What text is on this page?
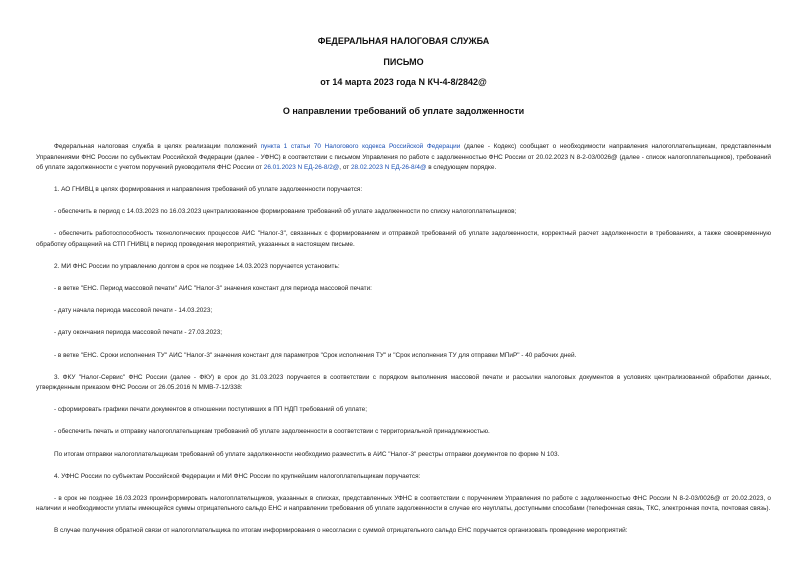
ФЕДЕРАЛЬНАЯ НАЛОГОВАЯ СЛУЖБА
ПИСЬМО
от 14 марта 2023 года N КЧ-4-8/2842@
О направлении требований об уплате задолженности

Федеральная налоговая служба в целях реализации положений пункта 1 статьи 70 Налогового кодекса Российской Федерации (далее - Кодекс) сообщает о необходимости направления налогоплательщикам, представленным Управлениями ФНС России по субъектам Российской Федерации (далее - УФНС) в соответствии с письмом Управления по работе с задолженностью ФНС России от 20.02.2023 N 8-2-03/0026@ (далее - список налогоплательщиков), требований об уплате задолженности с учетом поручений руководителя ФНС России от 26.01.2023 N ЕД-26-8/2@, от 28.02.2023 N ЕД-26-8/4@ в следующем порядке.

1. АО ГНИВЦ в целях формирования и направления требований об уплате задолженности поручается:

- обеспечить в период с 14.03.2023 по 16.03.2023 централизованное формирование требований об уплате задолженности по списку налогоплательщиков;

- обеспечить работоспособность технологических процессов АИС "Налог-3", связанных с формированием и отправкой требований об уплате задолженности, корректный расчет задолженности в требованиях, а также своевременную обработку обращений на СТП ГНИВЦ в период проведения мероприятий, указанных в настоящем письме.

2. МИ ФНС России по управлению долгом в срок не позднее 14.03.2023 поручается установить:

- в ветке "ЕНС. Период массовой печати" АИС "Налог-3" значения констант для периода массовой печати:

- дату начала периода массовой печати - 14.03.2023;

- дату окончания периода массовой печати - 27.03.2023;

- в ветке "ЕНС. Сроки исполнения ТУ" АИС "Налог-3" значения констант для параметров "Срок исполнения ТУ" и "Срок исполнения ТУ для отправки МПиР" - 40 рабочих дней.

3. ФКУ "Налог-Сервис" ФНС России (далее - ФКУ) в срок до 31.03.2023 поручается в соответствии с порядком выполнения массовой печати и рассылки налоговых документов в условиях централизованной обработки данных, утвержденным приказом ФНС России от 26.05.2016 N ММВ-7-12/338:

- сформировать графики печати документов в отношении поступивших в ПП НДП требований об уплате;

- обеспечить печать и отправку налогоплательщикам требований об уплате задолженности в соответствии с территориальной принадлежностью.

По итогам отправки налогоплательщикам требований об уплате задолженности необходимо разместить в АИС "Налог-3" реестры отправки документов по форме N 103.

4. УФНС России по субъектам Российской Федерации и МИ ФНС России по крупнейшим налогоплательщикам поручается:

- в срок не позднее 16.03.2023 проинформировать налогоплательщиков, указанных в списках, представленных УФНС в соответствии с поручением Управления по работе с задолженностью ФНС России N 8-2-03/0026@ от 20.02.2023, о наличии и необходимости уплаты имеющейся суммы отрицательного сальдо ЕНС и направлении требования об уплате задолженности в случае его неуплаты, доступными способами (телефонная связь, ТКС, электронная почта, почтовая связь).

В случае получения обратной связи от налогоплательщика по итогам информирования о несогласии с суммой отрицательного сальдо ЕНС поручается организовать проведение мероприятий:
